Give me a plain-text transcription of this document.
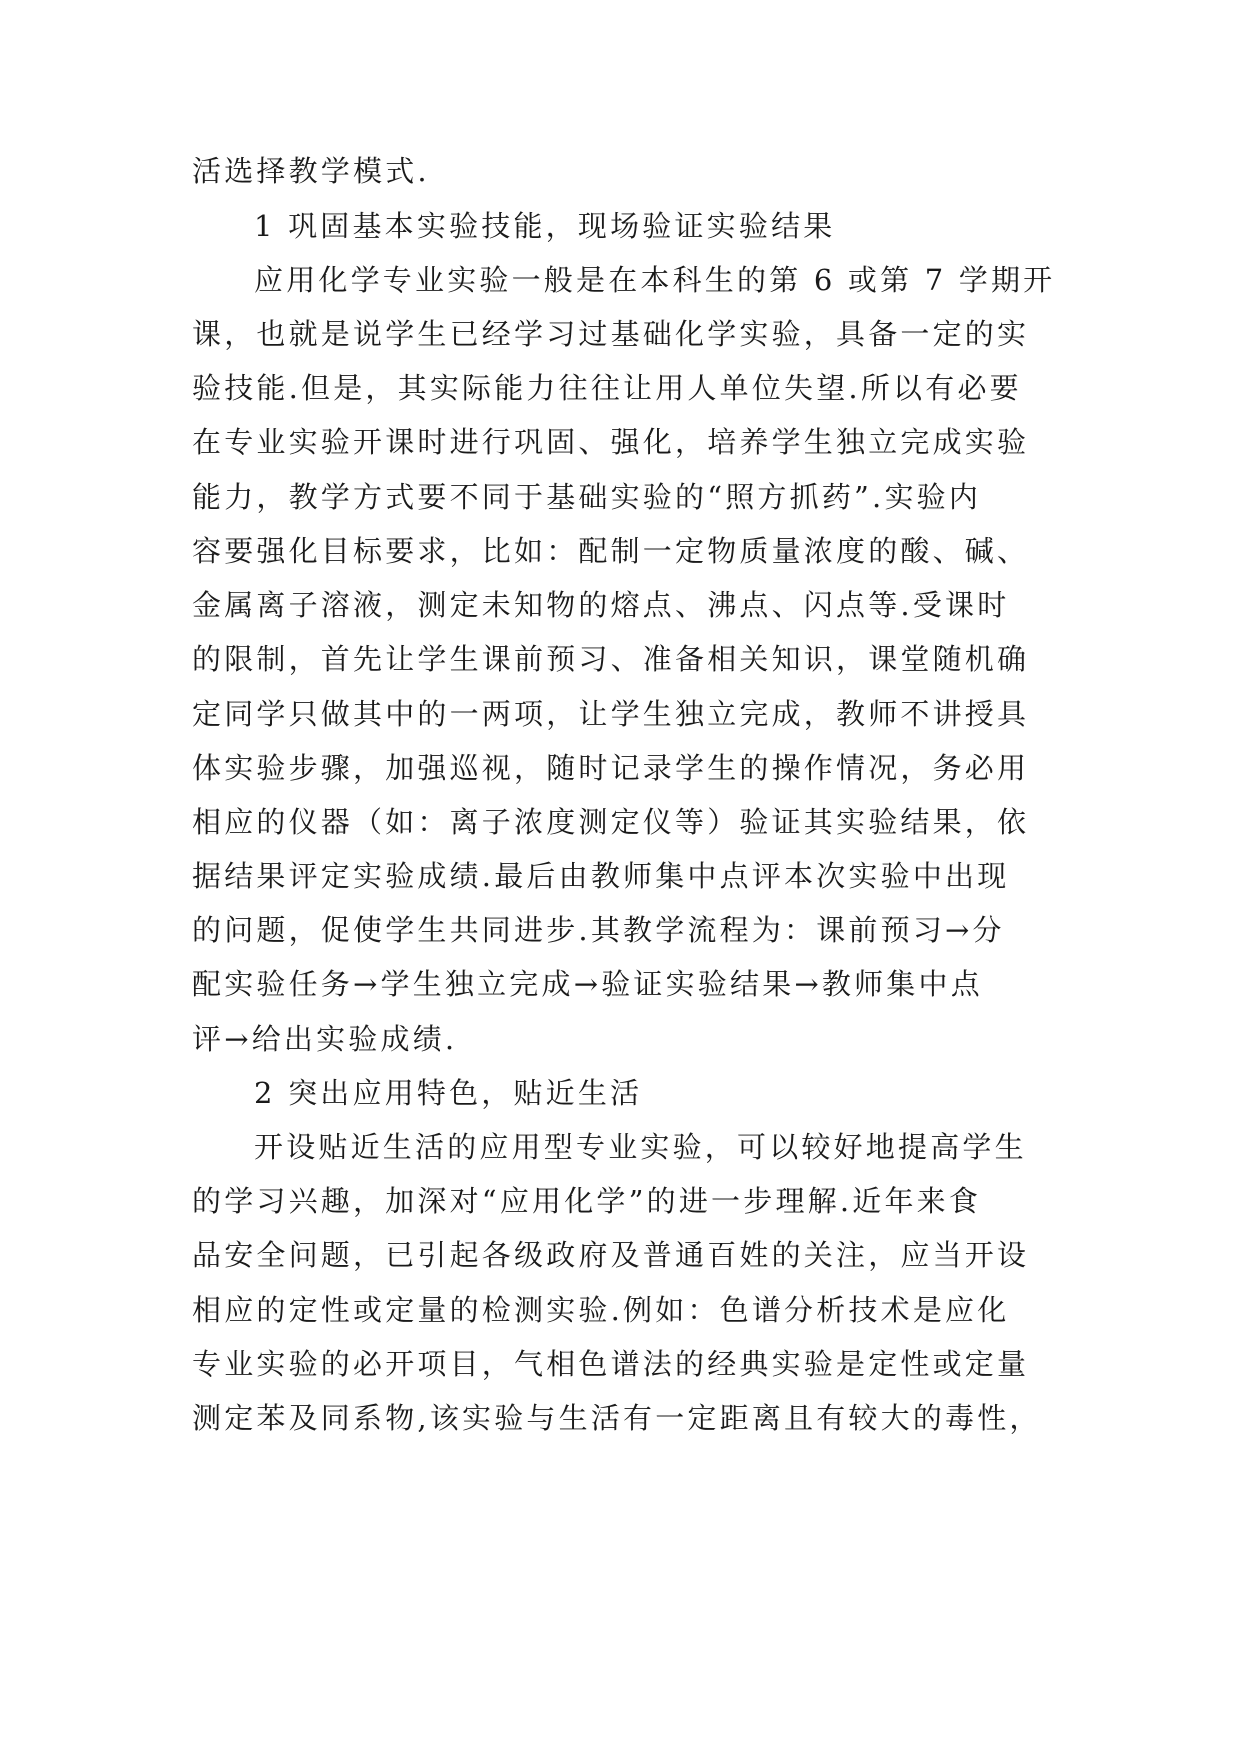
活选择教学模式.
1 巩固基本实验技能，现场验证实验结果
应用化学专业实验一般是在本科生的第 6 或第 7 学期开
课，也就是说学生已经学习过基础化学实验，具备一定的实
验技能.但是，其实际能力往往让用人单位失望.所以有必要
在专业实验开课时进行巩固、强化，培养学生独立完成实验
能力，教学方式要不同于基础实验的“照方抓药”.实验内
容要强化目标要求，比如：配制一定物质量浓度的酸、碱、
金属离子溶液，测定未知物的熔点、沸点、闪点等.受课时
的限制，首先让学生课前预习、准备相关知识，课堂随机确
定同学只做其中的一两项，让学生独立完成，教师不讲授具
体实验步骤，加强巡视，随时记录学生的操作情况，务必用
相应的仪器（如：离子浓度测定仪等）验证其实验结果，依
据结果评定实验成绩.最后由教师集中点评本次实验中出现
的问题，促使学生共同进步.其教学流程为：课前预习→分
配实验任务→学生独立完成→验证实验结果→教师集中点
评→给出实验成绩.
2 突出应用特色，贴近生活
开设贴近生活的应用型专业实验，可以较好地提高学生
的学习兴趣，加深对“应用化学”的进一步理解.近年来食
品安全问题，已引起各级政府及普通百姓的关注，应当开设
相应的定性或定量的检测实验.例如：色谱分析技术是应化
专业实验的必开项目，气相色谱法的经典实验是定性或定量
测定苯及同系物,该实验与生活有一定距离且有较大的毒性，
